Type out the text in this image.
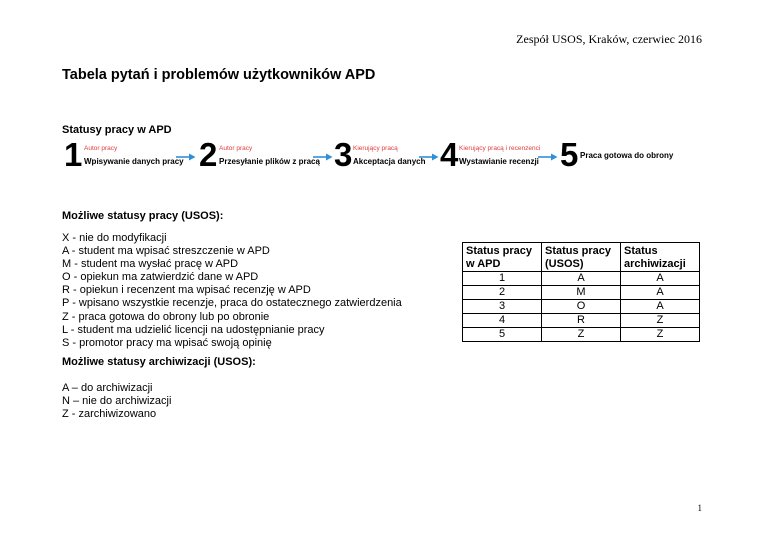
Zespół USOS, Kraków, czerwiec 2016
Tabela pytań i problemów użytkowników APD
Statusy pracy w APD
1 Autor pracy
Wpisywanie danych pracy 2 Autor pracy
Przesyłanie plików z pracą 3 Kierujący pracą
Akceptacja danych 4 Kierujący pracą i recenzenci
Wystawianie recenzji 5 Praca gotowa do obrony
Możliwe statusy pracy (USOS):
X - nie do modyfikacji
A - student ma wpisać streszczenie w APD
M - student ma wysłać pracę w APD
O - opiekun ma zatwierdzić dane w APD
R - opiekun i recenzent ma wpisać recenzję w APD
P - wpisano wszystkie recenzje, praca do ostatecznego zatwierdzenia
Z - praca gotowa do obrony lub po obronie
L - student ma udzielić licencji na udostępnianie pracy
S - promotor pracy ma wpisać swoją opinię
Możliwe statusy archiwizacji (USOS):
A – do archiwizacji
N – nie do archiwizacji
Z - zarchiwizowano
Status pracy w APD	Status pracy (USOS)	Status archiwizacji
1	A	A
2	M	A
3	O	A
4	R	Z
5	Z	Z
1
